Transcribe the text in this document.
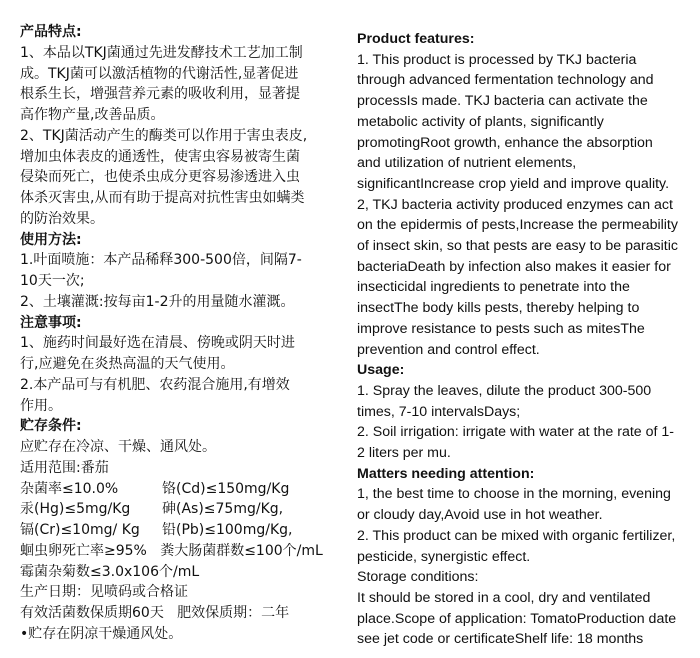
产品特点:
1、本品以TKJ菌通过先进发酵技术工艺加工制
成。TKJ菌可以激活植物的代谢活性,显著促进
根系生长，增强营养元素的吸收利用，显著提
高作物产量,改善品质。
2、TKJ菌活动产生的酶类可以作用于害虫表皮,
增加虫体表皮的通透性，使害虫容易被寄生菌
侵染而死亡，也使杀虫成分更容易渗透进入虫
体杀灭害虫,从而有助于提高对抗性害虫如螨类
的防治效果。
使用方法:
1.叶面喷施：本产品稀释300-500倍，间隔7-
10天一次;
2、土壤灌溉:按每亩1-2升的用量随水灌溉。
注意事项:
1、施药时间最好选在清晨、傍晚或阴天时进
行,应避免在炎热高温的天气使用。
2.本产品可与有机肥、农药混合施用,有增效
作用。
贮存条件:
应贮存在冷凉、干燥、通风处。
适用范围:番茄
杂菌率≤10.0%	铬(Cd)≤150mg/Kg
汞(Hg)≤5mg/Kg	砷(As)≤75mg/Kg,
镉(Cr)≤10mg/ Kg	铅(Pb)≤100mg/Kg,
蛔虫卵死亡率≥95%   粪大肠菌群数≤100个/mL
霉菌杂菊数≤3.0x106个/mL
生产日期：见喷码或合格证
有效活菌数保质期60天   肥效保质期：二年
•贮存在阴凉干燥通风处。
Product features:
1. This product is processed by TKJ bacteria
through advanced fermentation technology and
processIs made. TKJ bacteria can activate the
metabolic activity of plants, significantly
promotingRoot growth, enhance the absorption
and utilization of nutrient elements,
significantIncrease crop yield and improve quality.
2, TKJ bacteria activity produced enzymes can act
on the epidermis of pests,Increase the permeability
of insect skin, so that pests are easy to be parasitic
bacteriaDeath by infection also makes it easier for
insecticidal ingredients to penetrate into the
insectThe body kills pests, thereby helping to
improve resistance to pests such as mitesThe
prevention and control effect.
Usage:
1. Spray the leaves, dilute the product 300-500
times, 7-10 intervalsDays;
2. Soil irrigation: irrigate with water at the rate of 1-
2 liters per mu.
Matters needing attention:
1, the best time to choose in the morning, evening
or cloudy day,Avoid use in hot weather.
2. This product can be mixed with organic fertilizer,
pesticide, synergistic effect.
Storage conditions:
It should be stored in a cool, dry and ventilated
place.Scope of application: TomatoProduction date
see jet code or certificateShelf life: 18 months
